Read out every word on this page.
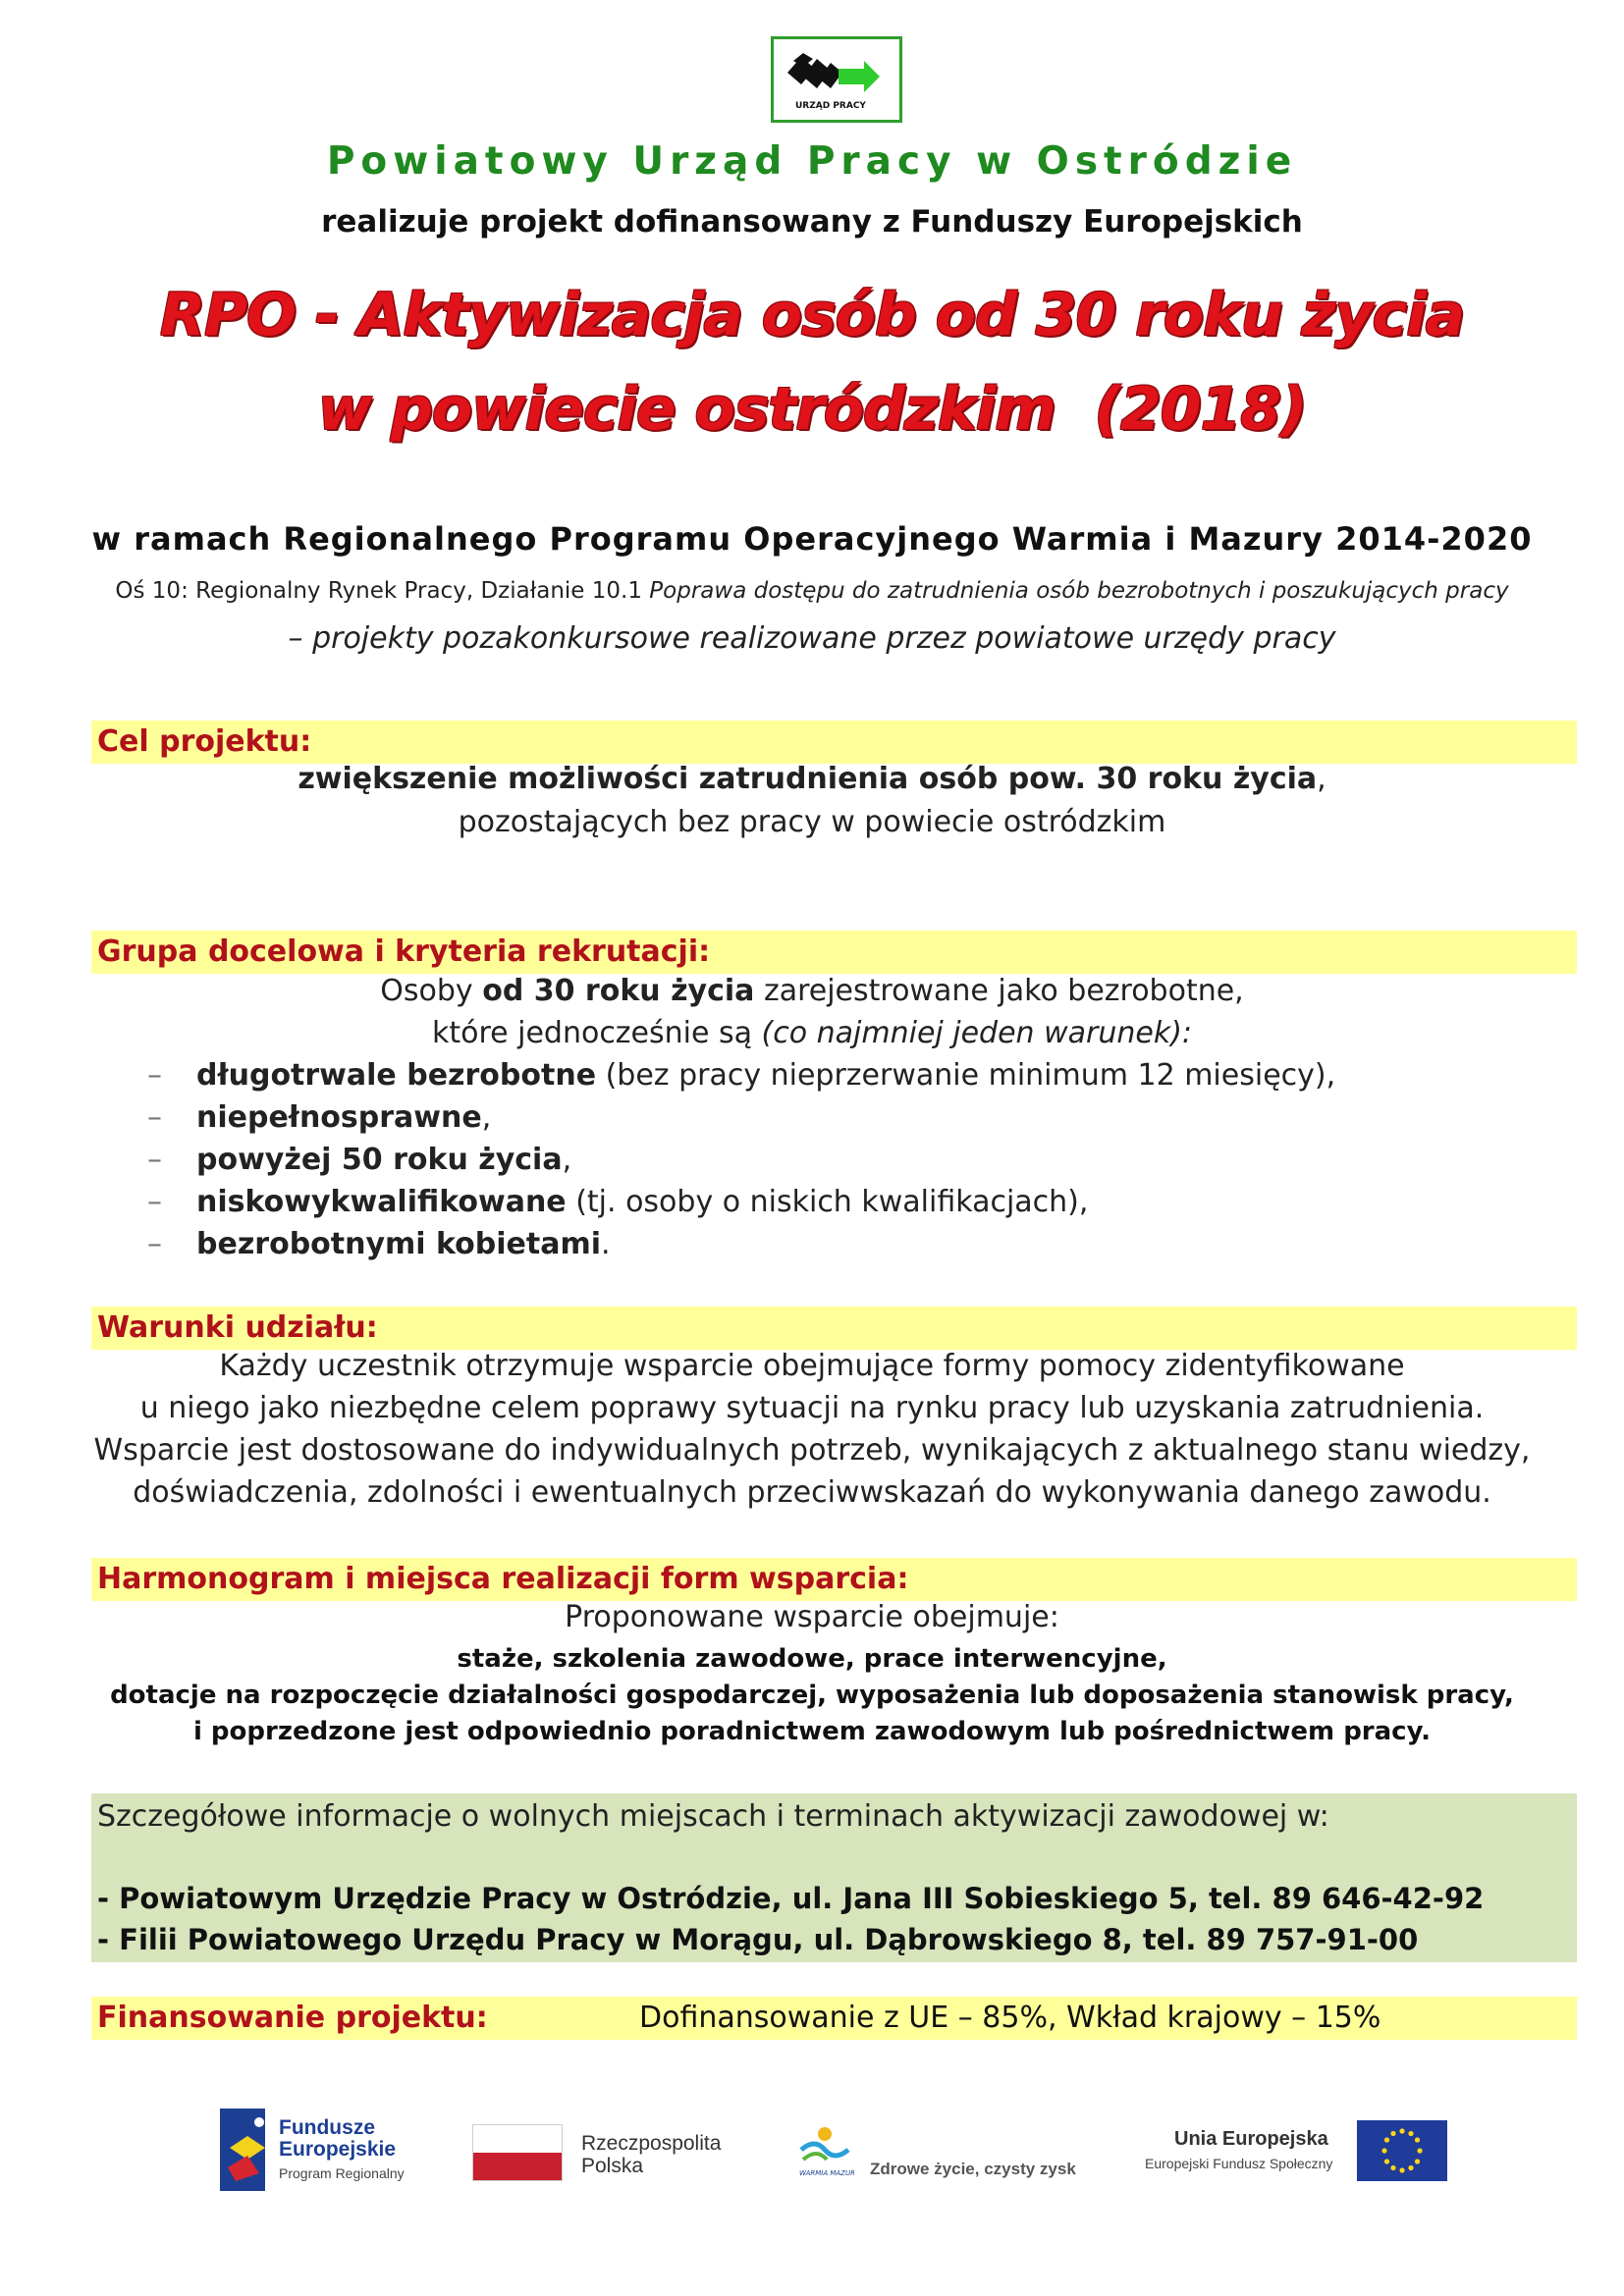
URZĄD PRACY
Powiatowy Urząd Pracy w Ostródzie
realizuje projekt dofinansowany z Funduszy Europejskich
RPO - Aktywizacja osób od 30 roku życia
w powiecie ostródzkim  (2018)
w ramach Regionalnego Programu Operacyjnego Warmia i Mazury 2014-2020
Oś 10: Regionalny Rynek Pracy, Działanie 10.1 Poprawa dostępu do zatrudnienia osób bezrobotnych i poszukujących pracy
– projekty pozakonkursowe realizowane przez powiatowe urzędy pracy
Cel projektu:
zwiększenie możliwości zatrudnienia osób pow. 30 roku życia,
pozostających bez pracy w powiecie ostródzkim
Grupa docelowa i kryteria rekrutacji:
Osoby od 30 roku życia zarejestrowane jako bezrobotne,
które jednocześnie są (co najmniej jeden warunek):
– długotrwale bezrobotne (bez pracy nieprzerwanie minimum 12 miesięcy),
– niepełnosprawne,
– powyżej 50 roku życia,
– niskowykwalifikowane (tj. osoby o niskich kwalifikacjach),
– bezrobotnymi kobietami.
Warunki udziału:
Każdy uczestnik otrzymuje wsparcie obejmujące formy pomocy zidentyfikowane
u niego jako niezbędne celem poprawy sytuacji na rynku pracy lub uzyskania zatrudnienia.
Wsparcie jest dostosowane do indywidualnych potrzeb, wynikających z aktualnego stanu wiedzy,
doświadczenia, zdolności i ewentualnych przeciwwskazań do wykonywania danego zawodu.
Harmonogram i miejsca realizacji form wsparcia:
Proponowane wsparcie obejmuje:
staże, szkolenia zawodowe, prace interwencyjne,
dotacje na rozpoczęcie działalności gospodarczej, wyposażenia lub doposażenia stanowisk pracy,
i poprzedzone jest odpowiednio poradnictwem zawodowym lub pośrednictwem pracy.
Szczegółowe informacje o wolnych miejscach i terminach aktywizacji zawodowej w:
- Powiatowym Urzędzie Pracy w Ostródzie, ul. Jana III Sobieskiego 5, tel. 89 646-42-92
- Filii Powiatowego Urzędu Pracy w Morągu, ul. Dąbrowskiego 8, tel. 89 757-91-00
Finansowanie projektu:	Dofinansowanie z UE – 85%, Wkład krajowy – 15%
Fundusze
Europejskie
Program Regionalny
Rzeczpospolita
Polska	WARMIA MAZURY Zdrowe życie, czysty zysk
Unia Europejska
Europejski Fundusz Społeczny
